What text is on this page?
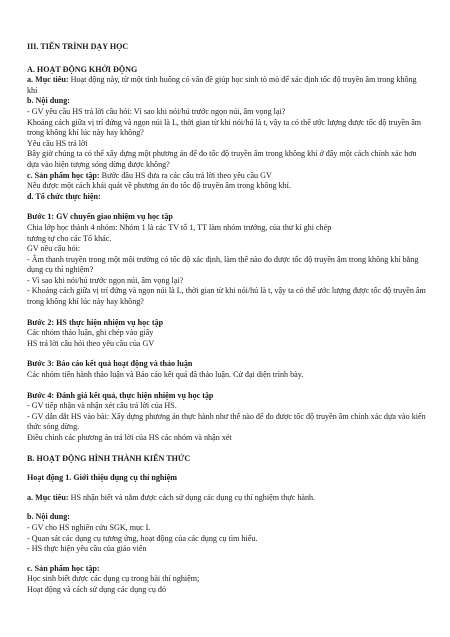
III. TIẾN TRÌNH DẠY HỌC

A. HOẠT ĐỘNG KHỞI ĐỘNG

a. Mục tiêu: Hoạt động này, từ một tình huống có vấn đề giúp học sinh tò mò để xác định tốc độ truyền âm trong không khí

b. Nội dung:

- GV yêu cầu HS trả lời câu hỏi: Vì sao khi nói/hú trước ngọn núi, âm vọng lại?

Khoảng cách giữa vị trí đứng và ngọn núi là L, thời gian từ khi nói/hú là t, vậy ta có thể ước lượng được tốc độ truyền âm trong không khí lúc này hay không?

Yêu cầu HS trả lời

Bây giờ chúng ta có thể xây dựng một phương án để đo tốc độ truyền âm trong không khí ở đây một cách chính xác hơn dựa vào hiện tượng sóng dừng được không?

c. Sản phẩm học tập: Bước đầu HS đưa ra các câu trả lời theo yêu cầu GV

Nêu được một cách khái quát về phương án đo tốc độ truyền âm trong không khí.

d. Tổ chức thực hiện:

Bước 1: GV chuyển giao nhiệm vụ học tập

Chia lớp học thành 4 nhóm: Nhóm 1 là các TV tổ 1, TT làm nhóm trưởng, của thư kí ghi chép

tương tự cho các Tổ khác.

GV nêu câu hỏi:

- Âm thanh truyền trong một môi trường có tốc độ xác định, làm thế nào đo được tốc độ truyền âm trong không khí bằng dụng cụ thí nghiệm?

- Vì sao khi nói/hú trước ngọn núi, âm vọng lại?

- Khoảng cách giữa vị trí đứng và ngọn núi là L, thời gian từ khi nói/hú là t, vậy ta có thể ước lượng được tốc độ truyền âm trong không khí lúc này hay không?

Bước 2: HS thực hiện nhiệm vụ học tập

Các nhóm thảo luận, ghi chép vào giấy

HS trả lời câu hỏi theo yêu cầu của GV

Bước 3: Báo cáo kết quả hoạt động và thảo luận

Các nhóm tiến hành thảo luận và Báo cáo kết quả đã thảo luận. Cử đại diện trình bày.

Bước 4: Đánh giá kết quả, thực hiện nhiệm vụ học tập

- GV tiếp nhận và nhận xét câu trả lời của HS.

- GV dẫn dắt HS vào bài: Xây dựng phương án thực hành như thế nào để đo được tốc độ truyền âm chính xác dựa vào kiến thức sóng dừng.

Điều chỉnh các phương án trả lời của HS các nhóm và nhận xét

B. HOẠT ĐỘNG HÌNH THÀNH KIẾN THỨC

Hoạt động 1. Giới thiệu dụng cụ thí nghiệm

a. Mục tiêu: HS nhận biết và nắm được cách sử dụng các dụng cụ thí nghiệm thực hành.

b. Nội dung:

- GV cho HS nghiên cứu SGK, mục I.

- Quan sát các dụng cụ tương ứng, hoạt động của các dụng cụ tìm hiểu.

- HS thực hiện yêu cầu của giáo viên

c. Sản phẩm học tập:

Học sinh biết được các dụng cụ trong bài thí nghiệm;

Hoạt động và cách sử dụng các dụng cụ đó
